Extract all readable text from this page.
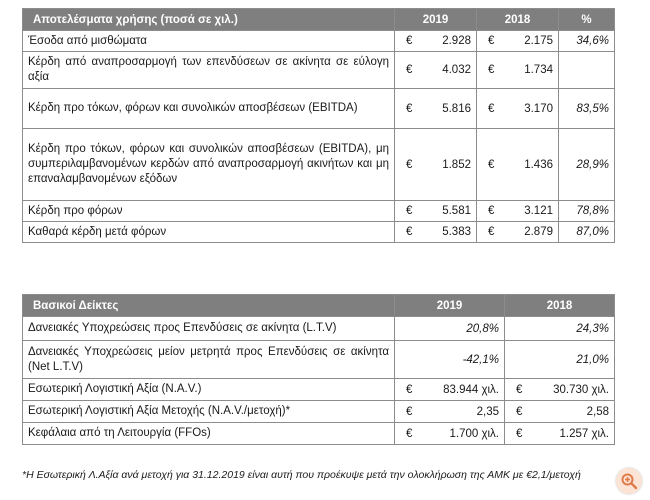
Αποτελέσματα χρήσης (ποσά σε χιλ.)	2019	2018	%
Έσοδα από μισθώματα	€ 2.928	€ 2.175	34,6%
Κέρδη από αναπροσαρμογή των επενδύσεων σε ακίνητα σε εύλογη αξία	€ 4.032	€ 1.734	
Κέρδη προ τόκων, φόρων και συνολικών αποσβέσεων (EBITDA)	€ 5.816	€ 3.170	83,5%
Κέρδη προ τόκων, φόρων και συνολικών αποσβέσεων (EBITDA), μη συμπεριλαμβανομένων κερδών από αναπροσαρμογή ακινήτων και μη επαναλαμβανομένων εξόδων	€ 1.852	€ 1.436	28,9%
Κέρδη προ φόρων	€ 5.581	€ 3.121	78,8%
Καθαρά κέρδη μετά φόρων	€ 5.383	€ 2.879	87,0%
Βασικοί Δείκτες	2019	2018
Δανειακές Υποχρεώσεις προς Επενδύσεις σε ακίνητα (L.T.V)	20,8%	24,3%
Δανειακές Υποχρεώσεις μείον μετρητά προς Επενδύσεις σε ακίνητα (Net L.T.V)	-42,1%	21,0%
Εσωτερική Λογιστική Αξία (N.A.V.)	€ 83.944 χιλ.	€ 30.730 χιλ.
Εσωτερική Λογιστική Αξία Μετοχής (N.A.V./μετοχή)*	€ 2,35	€ 2,58
Κεφάλαια από τη Λειτουργία (FFOs)	€ 1.700 χιλ.	€ 1.257 χιλ.
*Η Εσωτερική Λ.Αξία ανά μετοχή για 31.12.2019 είναι αυτή που προέκυψε μετά την ολοκλήρωση της ΑΜΚ με €2,1/μετοχή
